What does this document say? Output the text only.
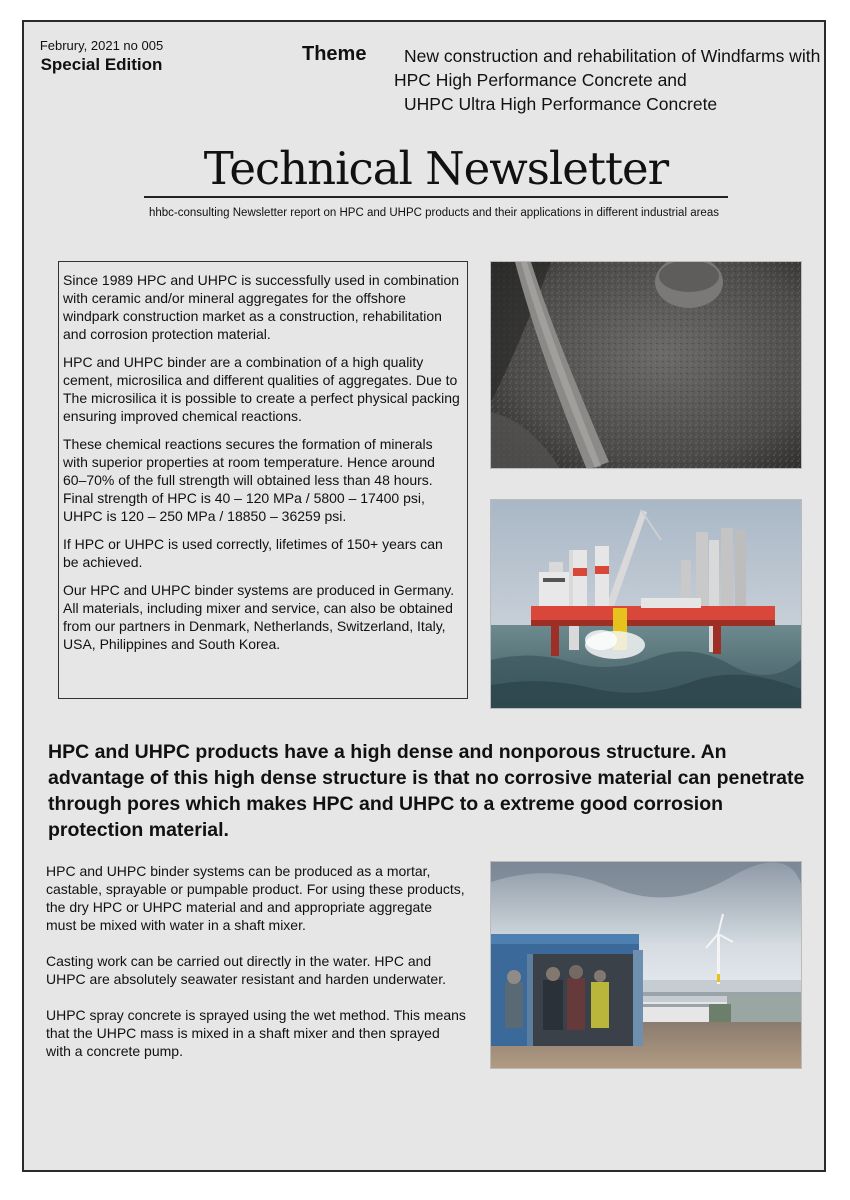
Februry, 2021 no 005
Special Edition	Theme	New construction and rehabilitation of Windfarms with
HPC High Performance Concrete and
UHPC Ultra High Performance Concrete
Technical Newsletter
hhbc-consulting Newsletter report on HPC and UHPC products and their applications in different industrial areas

Since 1989 HPC and UHPC is successfully used in combination with ceramic and/or mineral aggregates for the offshore windpark construction market as a construction, rehabilitation and corrosion protection material.

HPC and UHPC binder are a combination of a high quality cement, microsilica and different qualities of aggregates. Due to The microsilica it is possible to create a perfect physical packing ensuring improved chemical reactions.

These chemical reactions secures the formation of minerals with superior properties at room temperature. Hence around 60–70% of the full strength will obtained less than 48 hours. Final strength of HPC is 40 – 120 MPa / 5800 – 17400 psi, UHPC is 120 – 250 MPa / 18850 – 36259 psi.

If HPC or UHPC is used correctly, lifetimes of 150+ years can be achieved.

Our HPC and UHPC binder systems are produced in Germany. All materials, including mixer and service, can also be obtained from our partners in Denmark, Netherlands, Switzerland, Italy, USA, Philippines and South Korea.

HPC and UHPC products have a high dense and nonporous structure. An advantage of this high dense structure is that no corrosive material can penetrate through pores which makes HPC and UHPC to a extreme good corrosion protection material.

HPC and UHPC binder systems can be produced as a mortar, castable, sprayable or pumpable product. For using these products, the dry HPC or UHPC material and and appropriate aggregate must be mixed with water in a shaft mixer.

Casting work can be carried out directly in the water. HPC and UHPC are absolutely seawater resistant and harden underwater.

UHPC spray concrete is sprayed using the wet method. This means that the UHPC mass is mixed in a shaft mixer and then sprayed with a concrete pump.
